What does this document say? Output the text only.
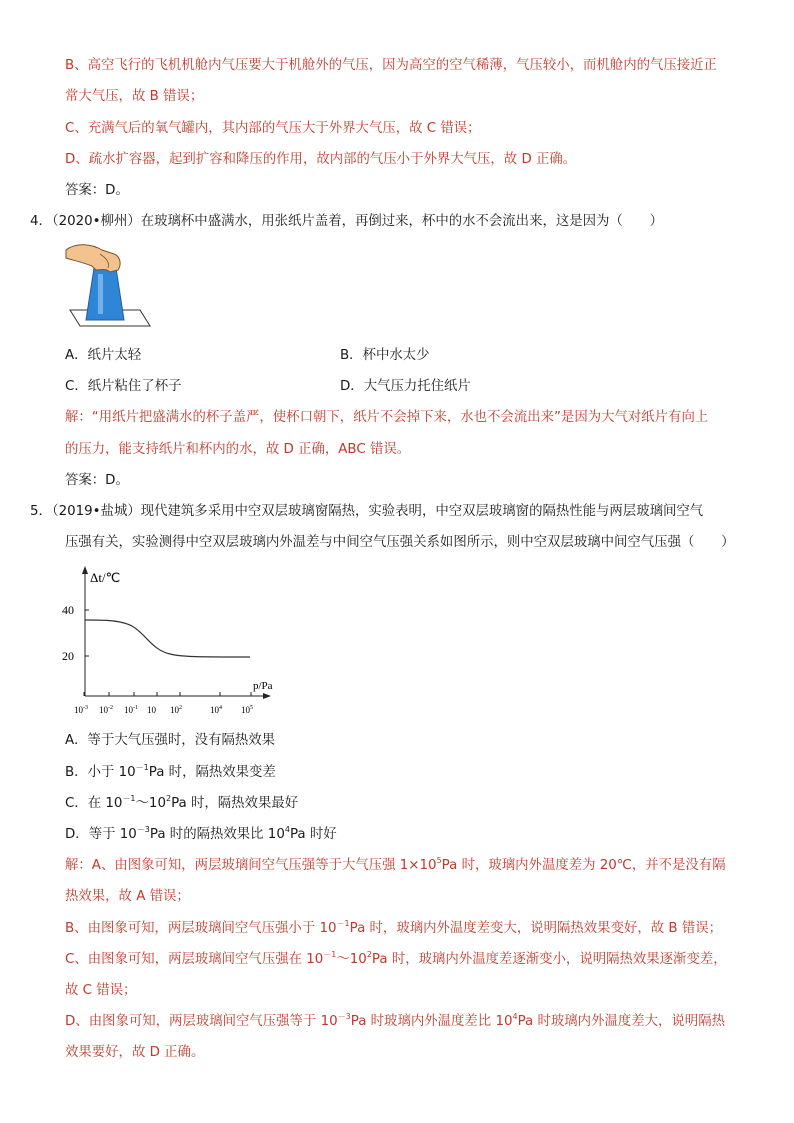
B、高空飞行的飞机机舱内气压要大于机舱外的气压，因为高空的空气稀薄，气压较小，而机舱内的气压接近正
常大气压，故 B 错误；
C、充满气后的氧气罐内，其内部的气压大于外界大气压，故 C 错误；
D、疏水扩容器，起到扩容和降压的作用，故内部的气压小于外界大气压，故 D 正确。
答案：D。
4．（2020•柳州）在玻璃杯中盛满水，用张纸片盖着，再倒过来，杯中的水不会流出来，这是因为（　　）
A．纸片太轻	B．杯中水太少
C．纸片粘住了杯子	D．大气压力托住纸片
解：“用纸片把盛满水的杯子盖严，使杯口朝下，纸片不会掉下来，水也不会流出来”是因为大气对纸片有向上
的压力，能支持纸片和杯内的水，故 D 正确，ABC 错误。
答案：D。
5．（2019•盐城）现代建筑多采用中空双层玻璃窗隔热，实验表明，中空双层玻璃窗的隔热性能与两层玻璃间空气
压强有关，实验测得中空双层玻璃内外温差与中间空气压强关系如图所示，则中空双层玻璃中间空气压强（　　）
Δt/℃
40
20
p/Pa
$10^{-3}$ $10^{-2}$ $10^{-1}$ 10 $10^2$	$10^4$ $10^5$
A．等于大气压强时，没有隔热效果
B．小于 $10^{-1}Pa$ 时，隔热效果变差
C．在 $10^{-1}\sim 10^2Pa$ 时，隔热效果最好
D．等于 $10^{-3}Pa$ 时的隔热效果比 $10^4Pa$ 时好
解：A、由图象可知，两层玻璃间空气压强等于大气压强 $1\times 10^5Pa$ 时，玻璃内外温度差为 20℃，并不是没有隔
热效果，故 A 错误；
B、由图象可知，两层玻璃间空气压强小于 $10^{-1}Pa$ 时，玻璃内外温度差变大，说明隔热效果变好，故 B 错误；
C、由图象可知，两层玻璃间空气压强在 $10^{-1}\sim 10^2Pa$ 时，玻璃内外温度差逐渐变小，说明隔热效果逐渐变差，
故 C 错误；
D、由图象可知，两层玻璃间空气压强等于 $10^{-3}Pa$ 时玻璃内外温度差比 $10^4Pa$ 时玻璃内外温度差大，说明隔热
效果要好，故 D 正确。
